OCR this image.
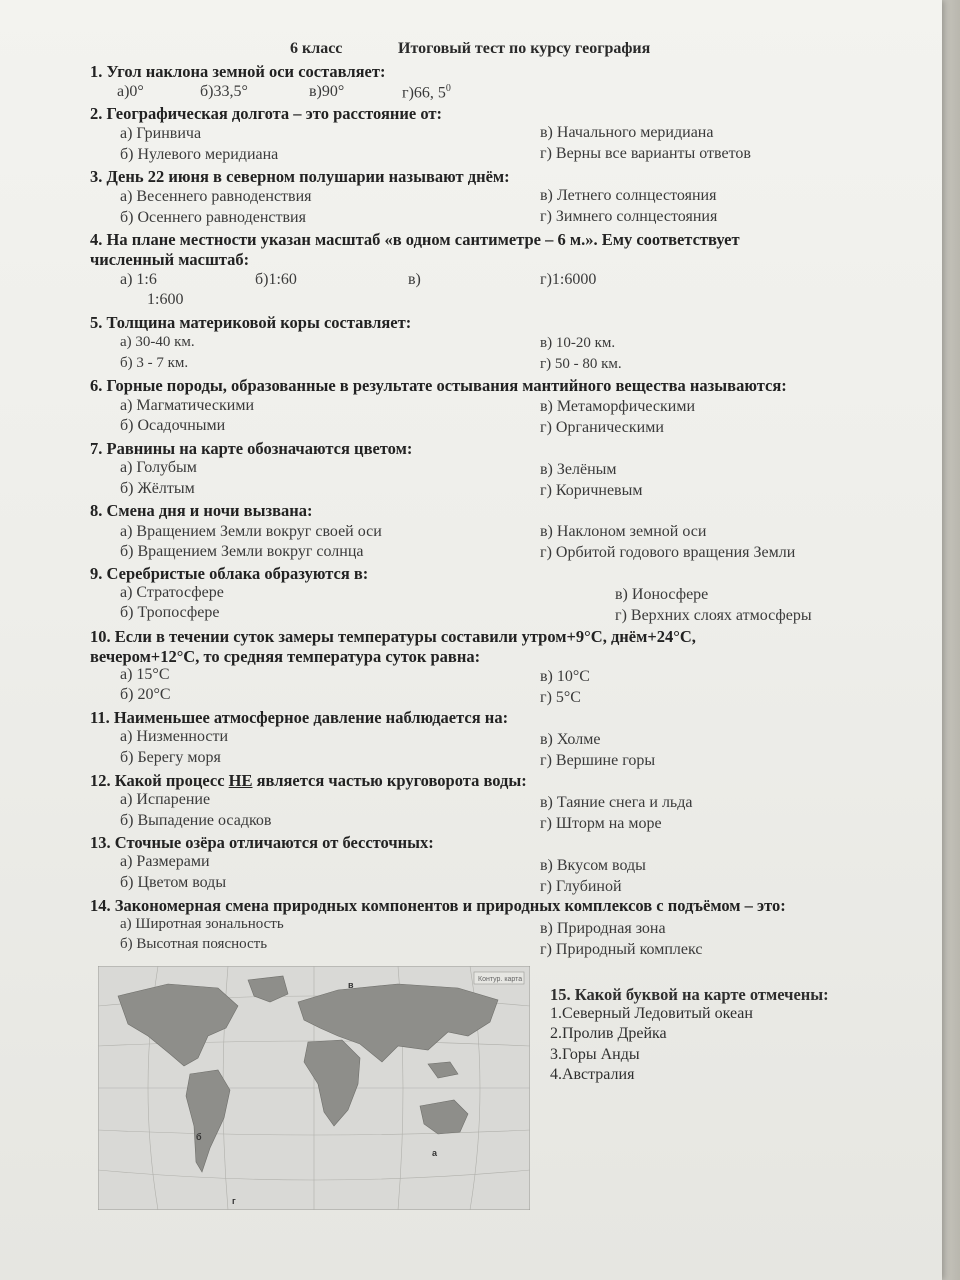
6 класс	Итоговый тест по курсу география
1. Угол наклона земной оси составляет:
а)0°	б)33,5°	в)90°	г)66, $5^0$
2. Географическая долгота – это расстояние от:
а) Гринвича
б) Нулевого меридиана
в) Начального меридиана
г) Верны все варианты ответов
3. День 22 июня в северном полушарии называют днём:
а) Весеннего равноденствия
б) Осеннего равноденствия
в) Летнего солнцестояния
г) Зимнего солнцестояния
4. На плане местности указан масштаб «в одном сантиметре – 6 м.». Ему соответствует
численный масштаб:
а) 1:6	б)1:60	в)	г)1:6000
1:600
5. Толщина материковой коры составляет:
а) 30-40 км.
б) 3 - 7 км.
в) 10-20 км.
г) 50 - 80 км.
6. Горные породы, образованные в результате остывания мантийного вещества называются:
а) Магматическими
б) Осадочными
в) Метаморфическими
г) Органическими
7. Равнины на карте обозначаются цветом:
а) Голубым
б) Жёлтым
в) Зелёным
г) Коричневым
8. Смена дня и ночи вызвана:
а) Вращением Земли вокруг своей оси
б) Вращением Земли вокруг солнца
в) Наклоном земной оси
г) Орбитой годового вращения Земли
9. Серебристые облака образуются в:
а) Стратосфере
б) Тропосфере
в) Ионосфере
г) Верхних слоях атмосферы
10. Если в течении суток замеры температуры составили утром+9°С, днём+24°С,
вечером+12°С, то средняя температура суток равна:
а) 15°С
б) 20°С
в) 10°С
г) 5°С
11. Наименьшее атмосферное давление наблюдается на:
а) Низменности
б) Берегу моря
в) Холме
г) Вершине горы
12. Какой процесс НЕ является частью круговорота воды:
а) Испарение
б) Выпадение осадков
в) Таяние снега и льда
г) Шторм на море
13. Сточные озёра отличаются от бессточных:
а) Размерами
б) Цветом воды
в) Вкусом воды
г) Глубиной
14. Закономерная смена природных компонентов и природных комплексов с подъёмом – это:
а) Широтная зональность
б) Высотная поясность
в) Природная зона
г) Природный комплекс
Контур. карта
в
б
а
г
15. Какой буквой на карте отмечены:
1.Северный Ледовитый океан
2.Пролив Дрейка
3.Горы Анды
4.Австралия
